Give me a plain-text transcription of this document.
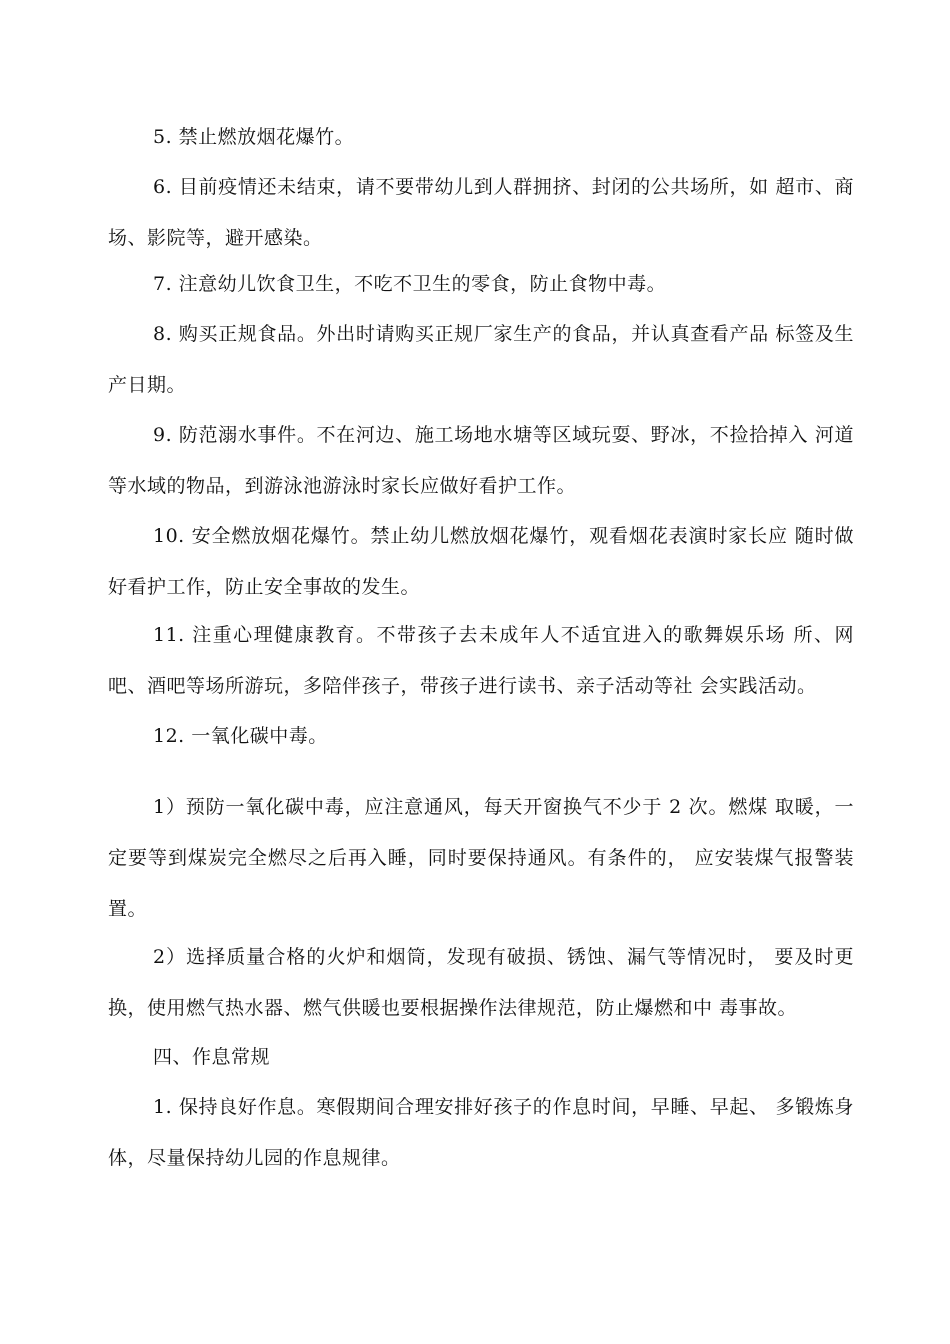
5. 禁止燃放烟花爆竹。

6. 目前疫情还未结束，请不要带幼儿到人群拥挤、封闭的公共场所，如 超市、商场、影院等，避开感染。

7. 注意幼儿饮食卫生，不吃不卫生的零食，防止食物中毒。

8. 购买正规食品。外出时请购买正规厂家生产的食品，并认真查看产品 标签及生产日期。

9. 防范溺水事件。不在河边、施工场地水塘等区域玩耍、野冰，不捡拾掉入 河道等水域的物品，到游泳池游泳时家长应做好看护工作。

10. 安全燃放烟花爆竹。禁止幼儿燃放烟花爆竹，观看烟花表演时家长应 随时做好看护工作，防止安全事故的发生。

11. 注重心理健康教育。不带孩子去未成年人不适宜进入的歌舞娱乐场 所、网吧、酒吧等场所游玩，多陪伴孩子，带孩子进行读书、亲子活动等社 会实践活动。

12. 一氧化碳中毒。

1）预防一氧化碳中毒，应注意通风，每天开窗换气不少于 2 次。燃煤 取暖，一定要等到煤炭完全燃尽之后再入睡，同时要保持通风。有条件的， 应安装煤气报警装置。

2）选择质量合格的火炉和烟筒，发现有破损、锈蚀、漏气等情况时， 要及时更换，使用燃气热水器、燃气供暖也要根据操作法律规范，防止爆燃和中 毒事故。

四、作息常规

1. 保持良好作息。寒假期间合理安排好孩子的作息时间，早睡、早起、 多锻炼身体，尽量保持幼儿园的作息规律。
